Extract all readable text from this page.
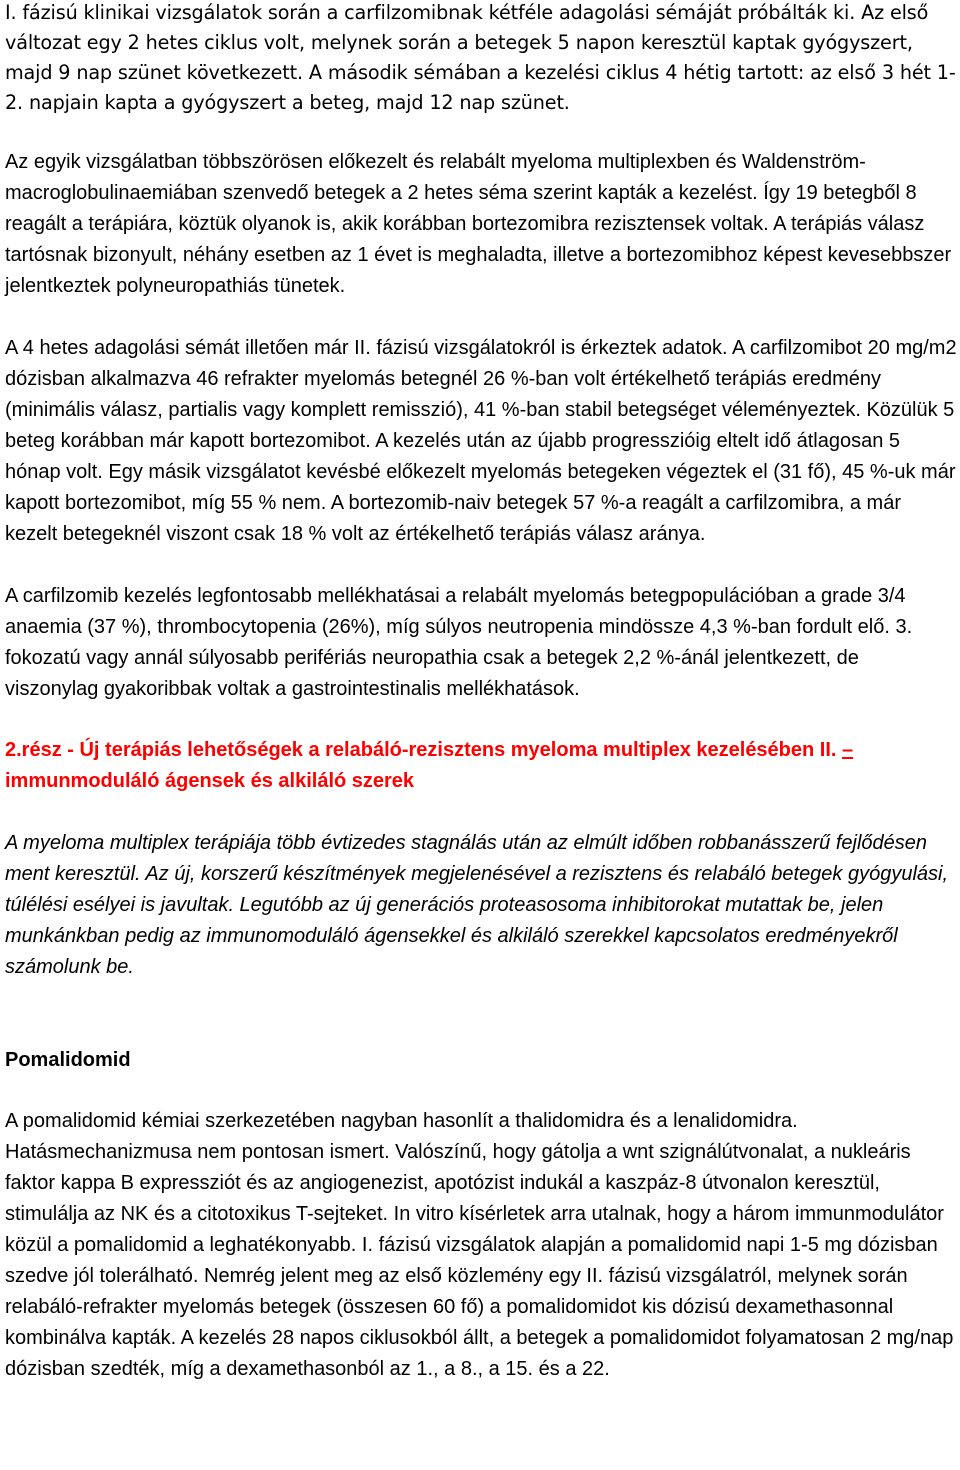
I. fázisú klinikai vizsgálatok során a carfilzomibnak kétféle adagolási sémáját próbálták ki. Az első változat egy 2 hetes ciklus volt, melynek során a betegek 5 napon keresztül kaptak gyógyszert, majd 9 nap szünet következett. A második sémában a kezelési ciklus 4 hétig tartott: az első 3 hét 1-2. napjain kapta a gyógyszert a beteg, majd 12 nap szünet.

Az egyik vizsgálatban többszörösen előkezelt és relabált myeloma multiplexben és Waldenström-macroglobulinaemiában szenvedő betegek a 2 hetes séma szerint kapták a kezelést. Így 19 betegből 8 reagált a terápiára, köztük olyanok is, akik korábban bortezomibra rezisztensek voltak. A terápiás válasz tartósnak bizonyult, néhány esetben az 1 évet is meghaladta, illetve a bortezomibhoz képest kevesebbszer jelentkeztek polyneuropathiás tünetek.

A 4 hetes adagolási sémát illetően már II. fázisú vizsgálatokról is érkeztek adatok. A carfilzomibot 20 mg/m2 dózisban alkalmazva 46 refrakter myelomás betegnél 26 %-ban volt értékelhető terápiás eredmény (minimális válasz, partialis vagy komplett remisszió), 41 %-ban stabil betegséget véleményeztek. Közülük 5 beteg korábban már kapott bortezomibot. A kezelés után az újabb progresszióig eltelt idő átlagosan 5 hónap volt. Egy másik vizsgálatot kevésbé előkezelt myelomás betegeken végeztek el (31 fő), 45 %-uk már kapott bortezomibot, míg 55 % nem. A bortezomib-naiv betegek 57 %-a reagált a carfilzomibra, a már kezelt betegeknél viszont csak 18 % volt az értékelhető terápiás válasz aránya.

A carfilzomib kezelés legfontosabb mellékhatásai a relabált myelomás betegpopulációban a grade 3/4 anaemia (37 %), thrombocytopenia (26%), míg súlyos neutropenia mindössze 4,3 %-ban fordult elő. 3. fokozatú vagy annál súlyosabb perifériás neuropathia csak a betegek 2,2 %-ánál jelentkezett, de viszonylag gyakoribbak voltak a gastrointestinalis mellékhatások.

2.rész - Új terápiás lehetőségek a relabáló-rezisztens myeloma multiplex kezelésében II. –
immunmoduláló ágensek és alkiláló szerek

A myeloma multiplex terápiája több évtizedes stagnálás után az elmúlt időben robbanásszerű fejlődésen ment keresztül. Az új, korszerű készítmények megjelenésével a rezisztens és relabáló betegek gyógyulási, túlélési esélyei is javultak. Legutóbb az új generációs proteasosoma inhibitorokat mutattak be, jelen munkánkban pedig az immunomoduláló ágensekkel és alkiláló szerekkel kapcsolatos eredményekről számolunk be.

Pomalidomid

A pomalidomid kémiai szerkezetében nagyban hasonlít a thalidomidra és a lenalidomidra. Hatásmechanizmusa nem pontosan ismert. Valószínű, hogy gátolja a wnt szignálútvonalat, a nukleáris faktor kappa B expressziót és az angiogenezist, apotózist indukál a kaszpáz-8 útvonalon keresztül, stimulálja az NK és a citotoxikus T-sejteket. In vitro kísérletek arra utalnak, hogy a három immunmodulátor közül a pomalidomid a leghatékonyabb. I. fázisú vizsgálatok alapján a pomalidomid napi 1-5 mg dózisban szedve jól tolerálható. Nemrég jelent meg az első közlemény egy II. fázisú vizsgálatról, melynek során relabáló-refrakter myelomás betegek (összesen 60 fő) a pomalidomidot kis dózisú dexamethasonnal kombinálva kapták. A kezelés 28 napos ciklusokból állt, a betegek a pomalidomidot folyamatosan 2 mg/nap dózisban szedték, míg a dexamethasonból az 1., a 8., a 15. és a 22.
